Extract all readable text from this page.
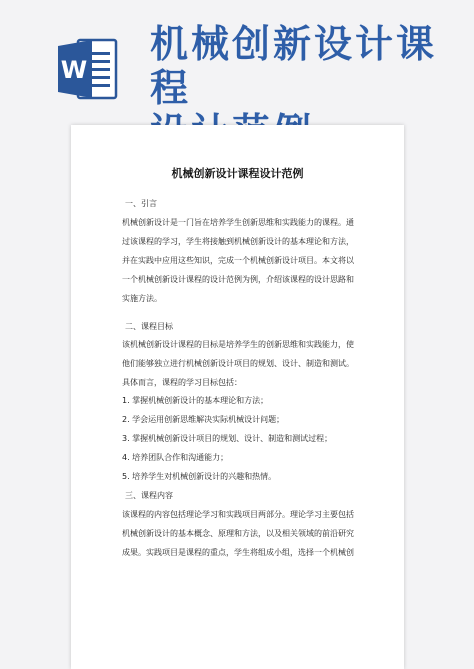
W
机械创新设计课程
机械创新设计课程设计范例
一、引言
机械创新设计是一门旨在培养学生创新思维和实践能力的课程。通
过该课程的学习，学生将接触到机械创新设计的基本理论和方法，
并在实践中应用这些知识，完成一个机械创新设计项目。本文将以
一个机械创新设计课程的设计范例为例，介绍该课程的设计思路和
实施方法。
二、课程目标
该机械创新设计课程的目标是培养学生的创新思维和实践能力，使
他们能够独立进行机械创新设计项目的规划、设计、制造和测试。
具体而言，课程的学习目标包括：
1. 掌握机械创新设计的基本理论和方法；
2. 学会运用创新思维解决实际机械设计问题；
3. 掌握机械创新设计项目的规划、设计、制造和测试过程；
4. 培养团队合作和沟通能力；
5. 培养学生对机械创新设计的兴趣和热情。
三、课程内容
该课程的内容包括理论学习和实践项目两部分。理论学习主要包括
机械创新设计的基本概念、原理和方法，以及相关领域的前沿研究
成果。实践项目是课程的重点，学生将组成小组，选择一个机械创
